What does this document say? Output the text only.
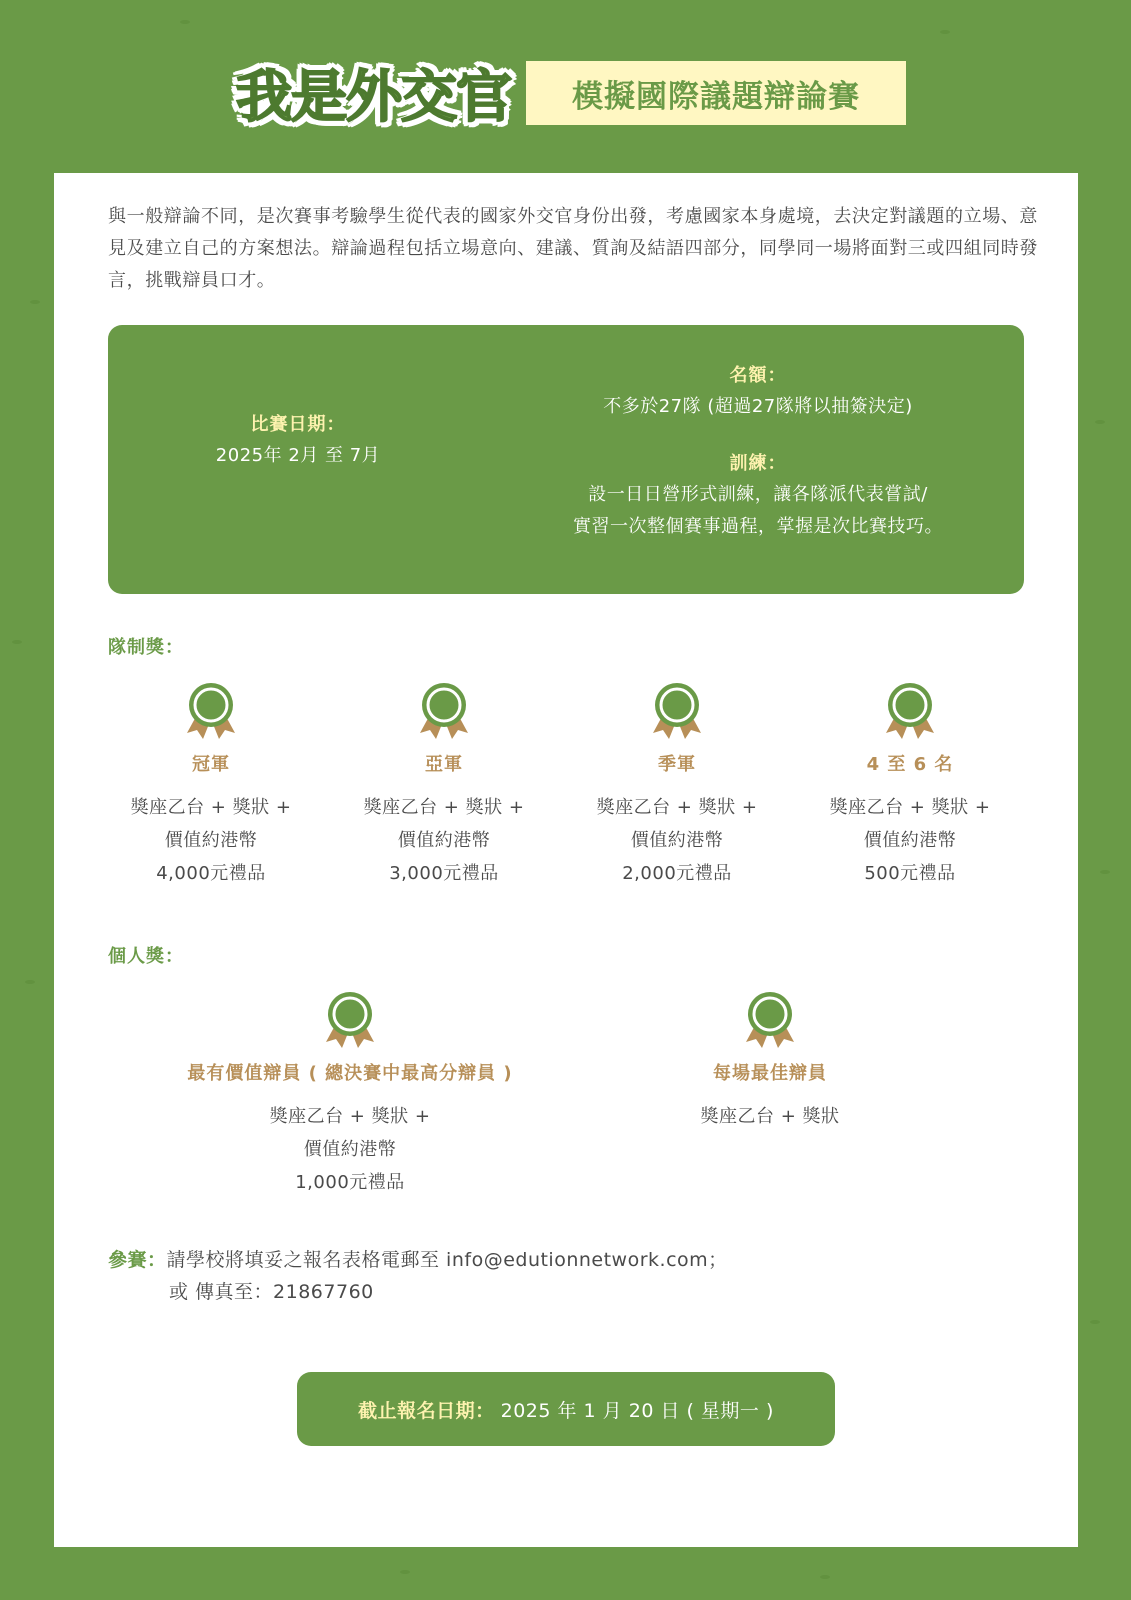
我是外交官	模擬國際議題辯論賽

與一般辯論不同，是次賽事考驗學生從代表的國家外交官身份出發，考慮國家本身處境，去決定對議題的立場、意見及建立自己的方案想法。辯論過程包括立場意向、建議、質詢及結語四部分，同學同一場將面對三或四組同時發言，挑戰辯員口才。

比賽日期：
2025年 2月 至 7月
名額：
不多於27隊 (超過27隊將以抽簽決定)
訓練：
設一日日營形式訓練，讓各隊派代表嘗試/
實習一次整個賽事過程，掌握是次比賽技巧。
隊制獎：
冠軍
獎座乙台 + 獎狀 +
價值約港幣
4,000元禮品
亞軍
獎座乙台 + 獎狀 +
價值約港幣
3,000元禮品
季軍
獎座乙台 + 獎狀 +
價值約港幣
2,000元禮品
4 至 6 名
獎座乙台 + 獎狀 +
價值約港幣
500元禮品
個人獎：
最有價值辯員 ( 總決賽中最高分辯員 )
獎座乙台 + 獎狀 +
價值約港幣
1,000元禮品
每場最佳辯員
獎座乙台 + 獎狀
參賽：請學校將填妥之報名表格電郵至 info@edutionnetwork.com；
或 傳真至：21867760
截止報名日期： 2025 年 1 月 20 日 ( 星期一 )
